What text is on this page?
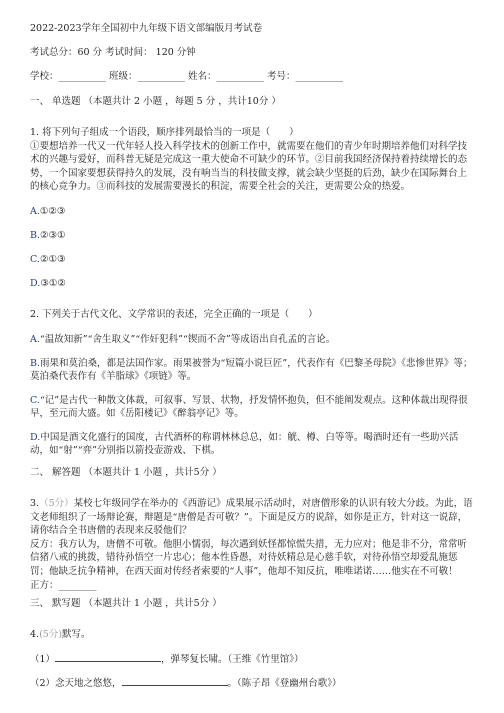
2022-2023学年全国初中九年级下语文部编版月考试卷

考试总分：60 分 考试时间： 120 分钟

学校：__________ 班级：__________ 姓名：__________ 考号：__________

一、 单选题 （本题共计 2 小题 ，每题 5 分 ，共计10分 ）

1. 将下列句子组成一个语段，顺序排列最恰当的一项是（　　）

①要想培养一代又一代年轻人投入科学技术的创新工作中，就需要在他们的青少年时期培养他们对科学技术的兴趣与爱好，而科普无疑是完成这一重大使命不可缺少的环节。②目前我国经济保持着持续增长的态势，一个国家要想获得持久的发展，没有响当当的科技做支撑，就会缺少坚挺的后劲，缺少在国际舞台上的核心竞争力。③而科技的发展需要漫长的积淀，需要全社会的关注，更需要公众的热爱。

A.①②③

B.②③①

C.②①③

D.③①②

2. 下列关于古代文化、文学常识的表述，完全正确的一项是（　　）

A.“温故知新”“舍生取义”“作奸犯科”“锲而不舍”等成语出自孔孟的言论。

B.雨果和莫泊桑，都是法国作家。雨果被誉为“短篇小说巨匠”，代表作有《巴黎圣母院》《悲惨世界》等；莫泊桑代表作有《羊脂球》《项链》等。

C.“记”是古代一种散文体裁，可叙事、写景、状物，抒发情怀抱负，但不能阐发观点。这种体裁出现得很早，至元而大盛。如《岳阳楼记》《醉翁亭记》等。

D.中国是酒文化盛行的国度，古代酒杯的称谓林林总总，如：觥、樽、白等等。喝酒时还有一些助兴活动，如“射”“弈”分别指以箭投壶游戏、下棋。

二、 解答题 （本题共计 1 小题 ，共计5分 ）

3.（5分）某校七年级同学在举办的《西游记》成果展示活动时，对唐僧形象的认识有较大分歧。为此，语文老师组织了一场辩论赛，辩题是“唐僧是否可敬？”。下面是反方的说辞，如你是正方，针对这一说辞，请你结合全书唐僧的表现来反驳他们？

反方：我方认为，唐僧不可敬。他胆小懦弱，每次遇到妖怪都惊慌失措，无力应对；他是非不分，常常听信猪八戒的挑拨，错待孙悟空一片忠心；他本性昏愚，对待妖精总是心慈手软，对待孙悟空却爱乱施惩罚；他缺乏抗争精神，在西天面对传经者索要的“人事”，他却不知反抗，唯唯诺诺……他实在不可敬！

正方：________

三、 默写题 （本题共计 1 小题 ，共计5分 ）

4.(5分)默写。

（1）	，弹琴复长啸。（王维《竹里馆》）

（2）念天地之悠悠，	。（陈子昂《登幽州台歌》）
